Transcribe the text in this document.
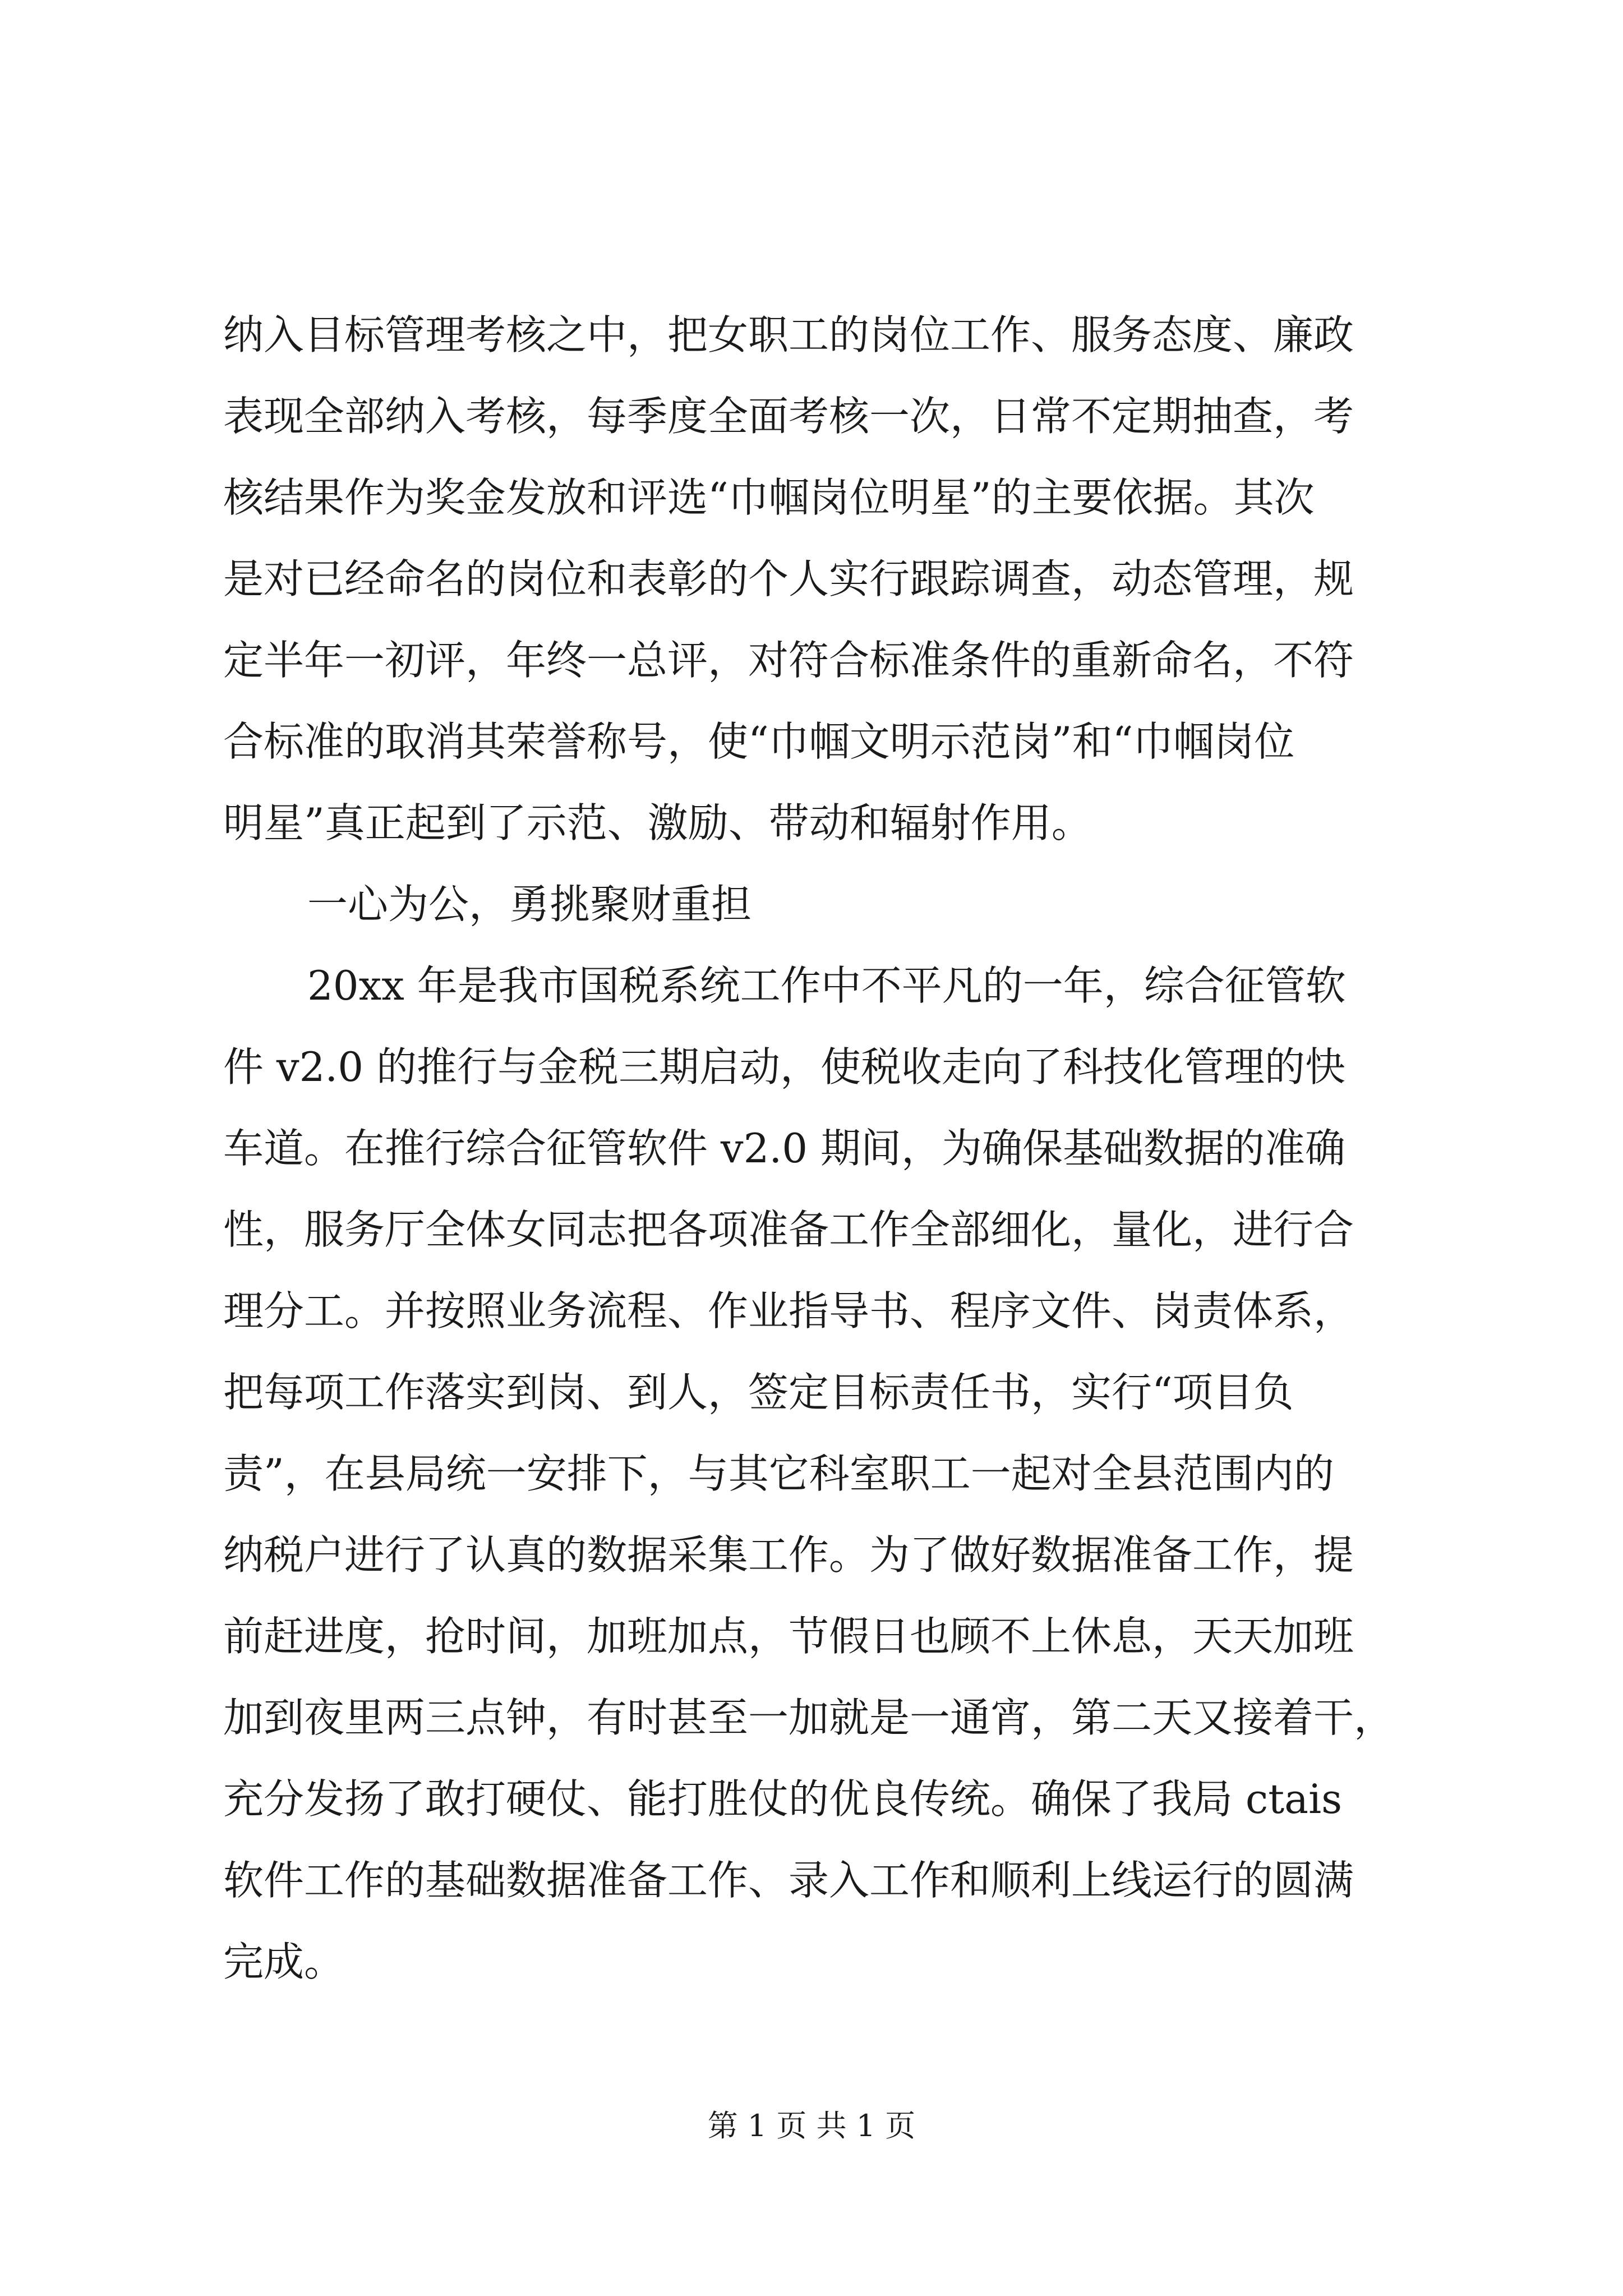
纳入目标管理考核之中，把女职工的岗位工作、服务态度、廉政
表现全部纳入考核，每季度全面考核一次，日常不定期抽查，考
核结果作为奖金发放和评选“巾帼岗位明星”的主要依据。其次
是对已经命名的岗位和表彰的个人实行跟踪调查，动态管理，规
定半年一初评，年终一总评，对符合标准条件的重新命名，不符
合标准的取消其荣誉称号，使“巾帼文明示范岗”和“巾帼岗位
明星”真正起到了示范、激励、带动和辐射作用。
一心为公，勇挑聚财重担
20xx 年是我市国税系统工作中不平凡的一年，综合征管软
件 v2.0 的推行与金税三期启动，使税收走向了科技化管理的快
车道。在推行综合征管软件 v2.0 期间，为确保基础数据的准确
性，服务厅全体女同志把各项准备工作全部细化，量化，进行合
理分工。并按照业务流程、作业指导书、程序文件、岗责体系，
把每项工作落实到岗、到人，签定目标责任书，实行“项目负
责”，在县局统一安排下，与其它科室职工一起对全县范围内的
纳税户进行了认真的数据采集工作。为了做好数据准备工作，提
前赶进度，抢时间，加班加点，节假日也顾不上休息，天天加班
加到夜里两三点钟，有时甚至一加就是一通宵，第二天又接着干，
充分发扬了敢打硬仗、能打胜仗的优良传统。确保了我局 ctais
软件工作的基础数据准备工作、录入工作和顺利上线运行的圆满
完成。
第 1 页 共 1 页
